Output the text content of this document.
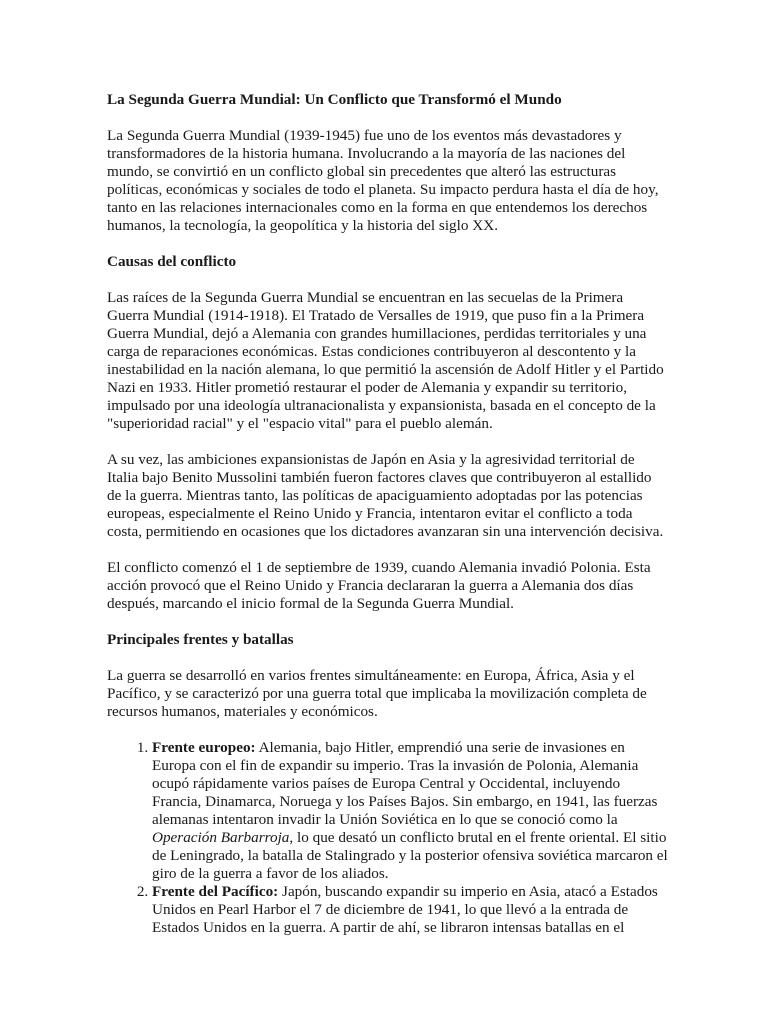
La Segunda Guerra Mundial: Un Conflicto que Transformó el Mundo

La Segunda Guerra Mundial (1939-1945) fue uno de los eventos más devastadores y transformadores de la historia humana. Involucrando a la mayoría de las naciones del mundo, se convirtió en un conflicto global sin precedentes que alteró las estructuras políticas, económicas y sociales de todo el planeta. Su impacto perdura hasta el día de hoy, tanto en las relaciones internacionales como en la forma en que entendemos los derechos humanos, la tecnología, la geopolítica y la historia del siglo XX.

Causas del conflicto

Las raíces de la Segunda Guerra Mundial se encuentran en las secuelas de la Primera Guerra Mundial (1914-1918). El Tratado de Versalles de 1919, que puso fin a la Primera Guerra Mundial, dejó a Alemania con grandes humillaciones, perdidas territoriales y una carga de reparaciones económicas. Estas condiciones contribuyeron al descontento y la inestabilidad en la nación alemana, lo que permitió la ascensión de Adolf Hitler y el Partido Nazi en 1933. Hitler prometió restaurar el poder de Alemania y expandir su territorio, impulsado por una ideología ultranacionalista y expansionista, basada en el concepto de la "superioridad racial" y el "espacio vital" para el pueblo alemán.

A su vez, las ambiciones expansionistas de Japón en Asia y la agresividad territorial de Italia bajo Benito Mussolini también fueron factores claves que contribuyeron al estallido de la guerra. Mientras tanto, las políticas de apaciguamiento adoptadas por las potencias europeas, especialmente el Reino Unido y Francia, intentaron evitar el conflicto a toda costa, permitiendo en ocasiones que los dictadores avanzaran sin una intervención decisiva.

El conflicto comenzó el 1 de septiembre de 1939, cuando Alemania invadió Polonia. Esta acción provocó que el Reino Unido y Francia declararan la guerra a Alemania dos días después, marcando el inicio formal de la Segunda Guerra Mundial.

Principales frentes y batallas

La guerra se desarrolló en varios frentes simultáneamente: en Europa, África, Asia y el Pacífico, y se caracterizó por una guerra total que implicaba la movilización completa de recursos humanos, materiales y económicos.

1. Frente europeo: Alemania, bajo Hitler, emprendió una serie de invasiones en Europa con el fin de expandir su imperio. Tras la invasión de Polonia, Alemania ocupó rápidamente varios países de Europa Central y Occidental, incluyendo Francia, Dinamarca, Noruega y los Países Bajos. Sin embargo, en 1941, las fuerzas alemanas intentaron invadir la Unión Soviética en lo que se conoció como la Operación Barbarroja, lo que desató un conflicto brutal en el frente oriental. El sitio de Leningrado, la batalla de Stalingrado y la posterior ofensiva soviética marcaron el giro de la guerra a favor de los aliados.
2. Frente del Pacífico: Japón, buscando expandir su imperio en Asia, atacó a Estados Unidos en Pearl Harbor el 7 de diciembre de 1941, lo que llevó a la entrada de Estados Unidos en la guerra. A partir de ahí, se libraron intensas batallas en el
